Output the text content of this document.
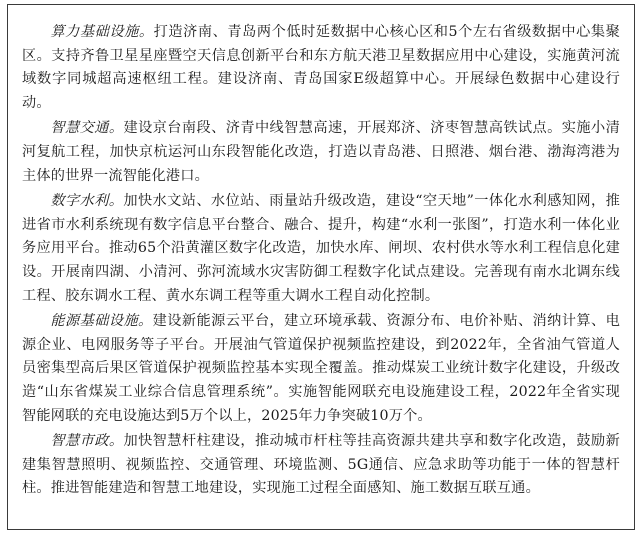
算力基础设施。打造济南、青岛两个低时延数据中心核心区和5个左右省级数据中心集聚区。支持齐鲁卫星星座暨空天信息创新平台和东方航天港卫星数据应用中心建设，实施黄河流域数字同城超高速枢纽工程。建设济南、青岛国家E级超算中心。开展绿色数据中心建设行动。

智慧交通。建设京台南段、济青中线智慧高速，开展郑济、济枣智慧高铁试点。实施小清河复航工程，加快京杭运河山东段智能化改造，打造以青岛港、日照港、烟台港、渤海湾港为主体的世界一流智能化港口。

数字水利。加快水文站、水位站、雨量站升级改造，建设“空天地”一体化水利感知网，推进省市水利系统现有数字信息平台整合、融合、提升，构建“水利一张图”，打造水利一体化业务应用平台。推动65个沿黄灌区数字化改造，加快水库、闸坝、农村供水等水利工程信息化建设。开展南四湖、小清河、弥河流域水灾害防御工程数字化试点建设。完善现有南水北调东线工程、胶东调水工程、黄水东调工程等重大调水工程自动化控制。

能源基础设施。建设新能源云平台，建立环境承载、资源分布、电价补贴、消纳计算、电源企业、电网服务等子平台。开展油气管道保护视频监控建设，到2022年，全省油气管道人员密集型高后果区管道保护视频监控基本实现全覆盖。推动煤炭工业统计数字化建设，升级改造“山东省煤炭工业综合信息管理系统”。实施智能网联充电设施建设工程，2022年全省实现智能网联的充电设施达到5万个以上，2025年力争突破10万个。

智慧市政。加快智慧杆柱建设，推动城市杆柱等挂高资源共建共享和数字化改造，鼓励新建集智慧照明、视频监控、交通管理、环境监测、5G通信、应急求助等功能于一体的智慧杆柱。推进智能建造和智慧工地建设，实现施工过程全面感知、施工数据互联互通。
